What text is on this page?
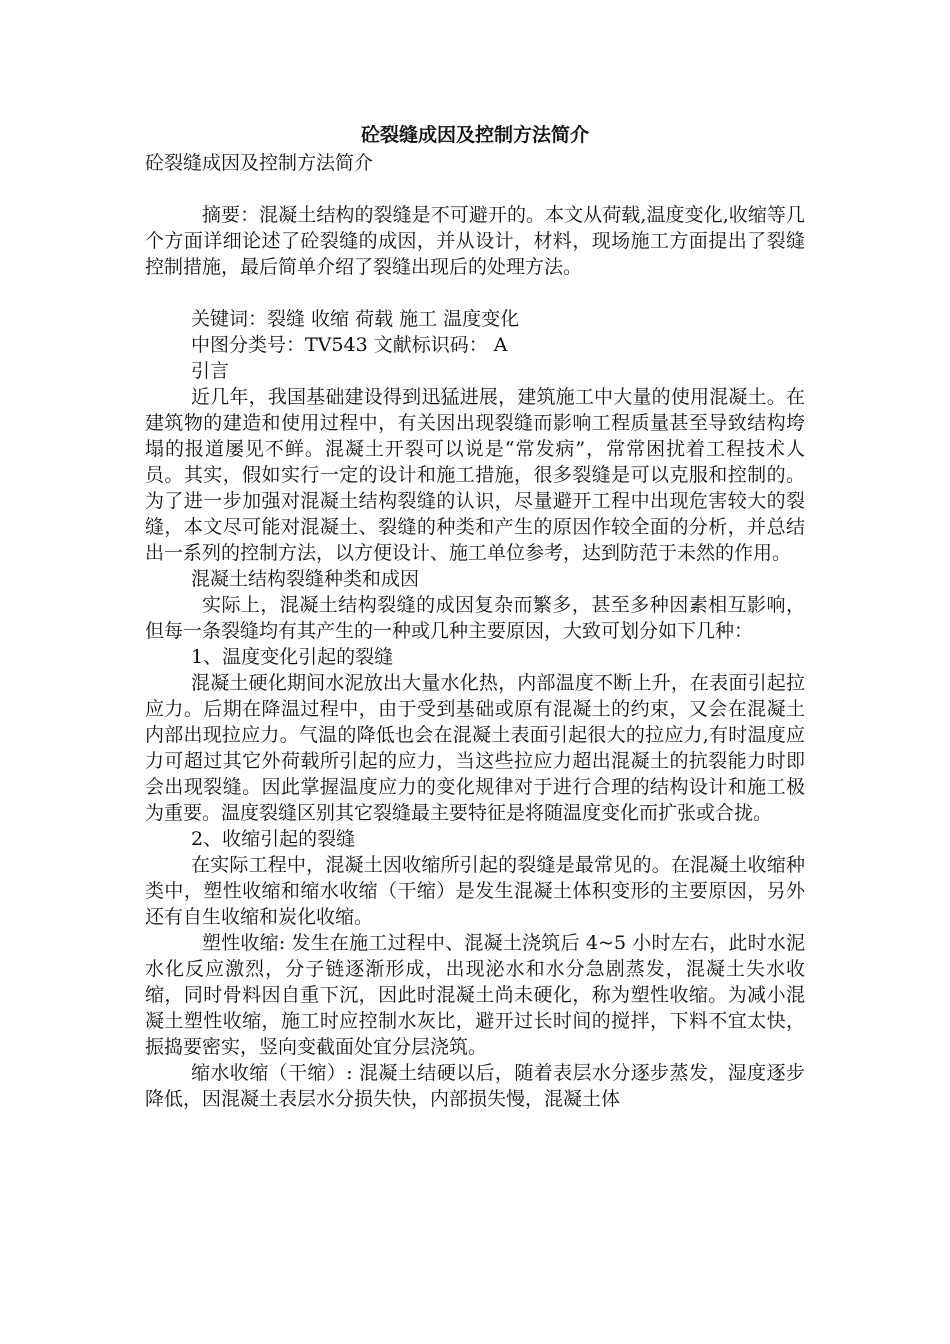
砼裂缝成因及控制方法简介

砼裂缝成因及控制方法简介

摘要：混凝土结构的裂缝是不可避开的。本文从荷载,温度变化,收缩等几个方面详细论述了砼裂缝的成因，并从设计，材料，现场施工方面提出了裂缝控制措施，最后简单介绍了裂缝出现后的处理方法。

关键词：裂缝 收缩 荷载 施工 温度变化

中图分类号：TV543 文献标识码： A

引言

近几年，我国基础建设得到迅猛进展，建筑施工中大量的使用混凝土。在建筑物的建造和使用过程中，有关因出现裂缝而影响工程质量甚至导致结构垮塌的报道屡见不鲜。混凝土开裂可以说是“常发病”，常常困扰着工程技术人员。其实，假如实行一定的设计和施工措施，很多裂缝是可以克服和控制的。为了进一步加强对混凝土结构裂缝的认识，尽量避开工程中出现危害较大的裂缝，本文尽可能对混凝土、裂缝的种类和产生的原因作较全面的分析，并总结出一系列的控制方法，以方便设计、施工单位参考，达到防范于未然的作用。

混凝土结构裂缝种类和成因

实际上，混凝土结构裂缝的成因复杂而繁多，甚至多种因素相互影响，但每一条裂缝均有其产生的一种或几种主要原因，大致可划分如下几种：

1、温度变化引起的裂缝

混凝土硬化期间水泥放出大量水化热，内部温度不断上升，在表面引起拉应力。后期在降温过程中，由于受到基础或原有混凝土的约束，又会在混凝土内部出现拉应力。气温的降低也会在混凝土表面引起很大的拉应力,有时温度应力可超过其它外荷载所引起的应力，当这些拉应力超出混凝土的抗裂能力时即会出现裂缝。因此掌握温度应力的变化规律对于进行合理的结构设计和施工极为重要。温度裂缝区别其它裂缝最主要特征是将随温度变化而扩张或合拢。

2、收缩引起的裂缝

在实际工程中，混凝土因收缩所引起的裂缝是最常见的。在混凝土收缩种类中，塑性收缩和缩水收缩（干缩）是发生混凝土体积变形的主要原因，另外还有自生收缩和炭化收缩。

塑性收缩: 发生在施工过程中、混凝土浇筑后 4~5 小时左右，此时水泥水化反应激烈，分子链逐渐形成，出现泌水和水分急剧蒸发，混凝土失水收缩，同时骨料因自重下沉，因此时混凝土尚未硬化，称为塑性收缩。为减小混凝土塑性收缩，施工时应控制水灰比，避开过长时间的搅拌，下料不宜太快，振捣要密实，竖向变截面处宜分层浇筑。

缩水收缩（干缩）: 混凝土结硬以后，随着表层水分逐步蒸发，湿度逐步降低，因混凝土表层水分损失快，内部损失慢，混凝土体
